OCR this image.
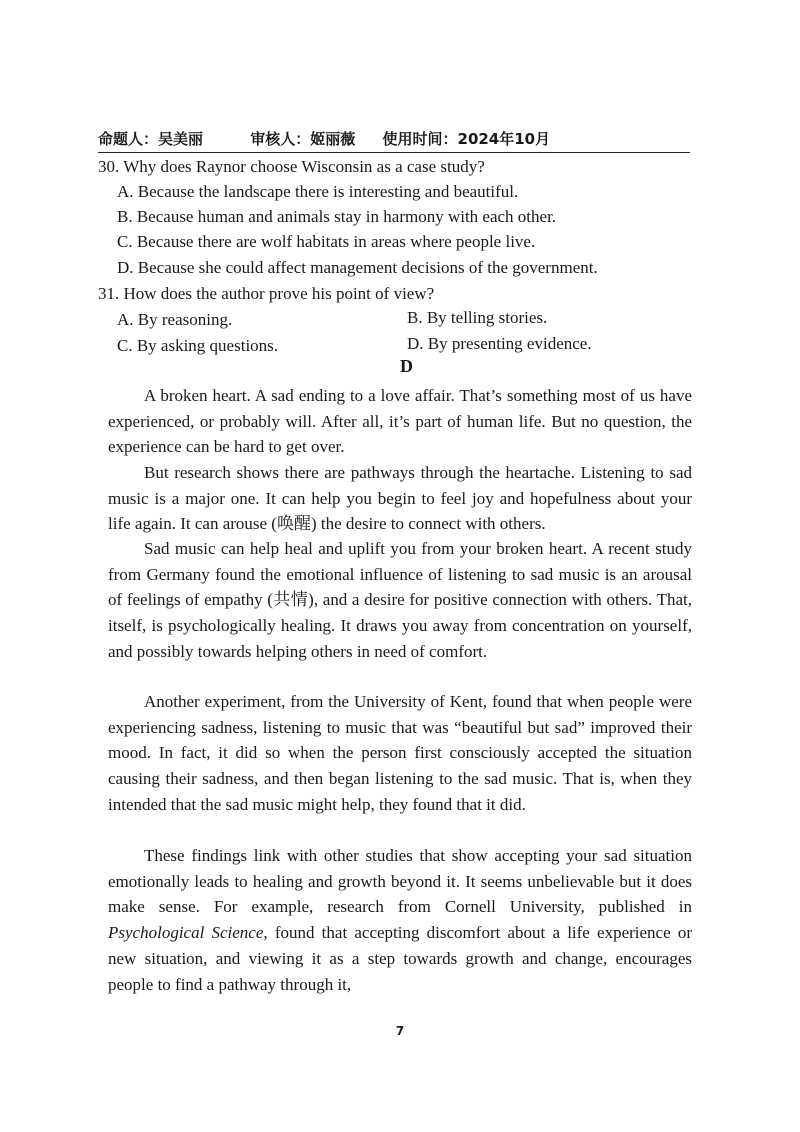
命题人：吴美丽	审核人：姬丽薇 使用时间：2024年10月
30. Why does Raynor choose Wisconsin as a case study?
A. Because the landscape there is interesting and beautiful.
B. Because human and animals stay in harmony with each other.
C. Because there are wolf habitats in areas where people live.
D. Because she could affect management decisions of the government.
31. How does the author prove his point of view?
A. By reasoning.	B. By telling stories.
C. By asking questions.	D. By presenting evidence.
D
A broken heart. A sad ending to a love affair. That’s something most of us have experienced, or probably will. After all, it’s part of human life. But no question, the experience can be hard to get over.
But research shows there are pathways through the heartache. Listening to sad music is a major one. It can help you begin to feel joy and hopefulness about your life again. It can arouse (唤醒) the desire to connect with others.
Sad music can help heal and uplift you from your broken heart. A recent study from Germany found the emotional influence of listening to sad music is an arousal of feelings of empathy (共情), and a desire for positive connection with others. That, itself, is psychologically healing. It draws you away from concentration on yourself, and possibly towards helping others in need of comfort.
Another experiment, from the University of Kent, found that when people were experiencing sadness, listening to music that was “beautiful but sad” improved their mood. In fact, it did so when the person first consciously accepted the situation causing their sadness, and then began listening to the sad music. That is, when they intended that the sad music might help, they found that it did.
These findings link with other studies that show accepting your sad situation emotionally leads to healing and growth beyond it. It seems unbelievable but it does make sense. For example, research from Cornell University, published in Psychological Science, found that accepting discomfort about a life experience or new situation, and viewing it as a step towards growth and change, encourages people to find a pathway through it,
7
